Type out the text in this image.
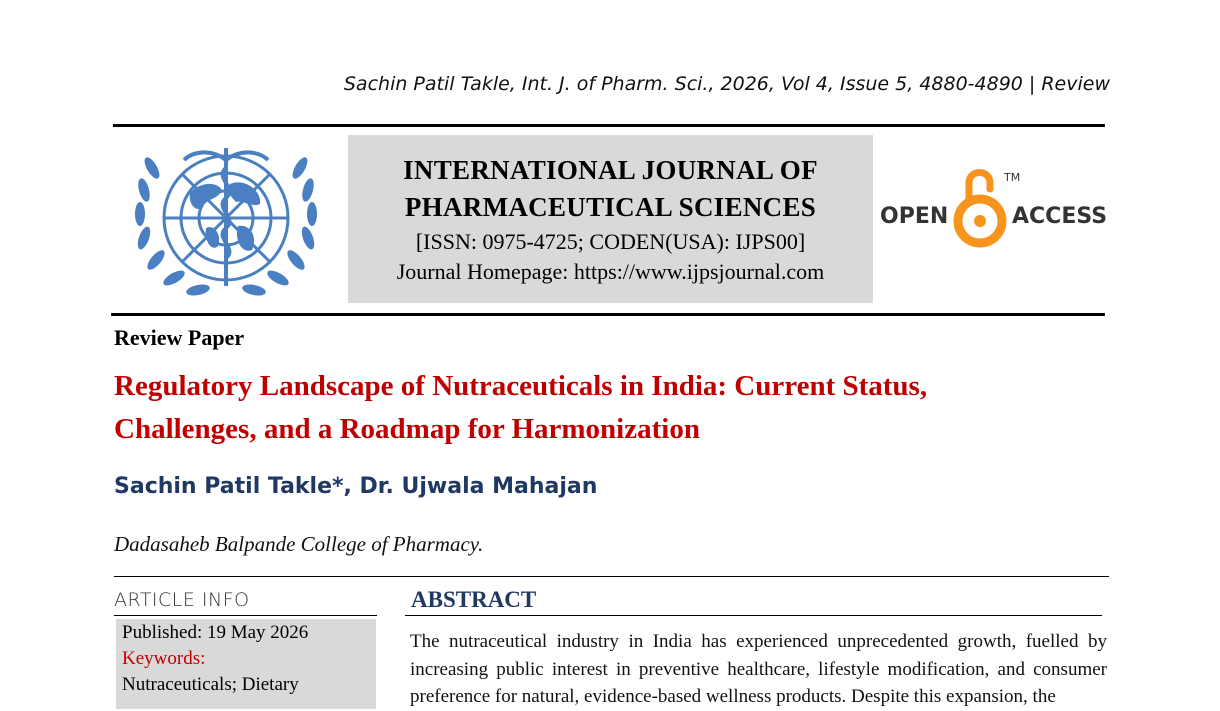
Sachin Patil Takle, Int. J. of Pharm. Sci., 2026, Vol 4, Issue 5, 4880-4890 | Review
INTERNATIONAL JOURNAL OF
PHARMACEUTICAL SCIENCES
[ISSN: 0975-4725; CODEN(USA): IJPS00]
Journal Homepage: https://www.ijpsjournal.com
OPEN
TM
ACCESS
Review Paper
Regulatory Landscape of Nutraceuticals in India: Current Status,
Challenges, and a Roadmap for Harmonization
Sachin Patil Takle*, Dr. Ujwala Mahajan
Dadasaheb Balpande College of Pharmacy.
ARTICLE INFO
Published: 19 May 2026
Keywords:
Nutraceuticals; Dietary
ABSTRACT
The nutraceutical industry in India has experienced unprecedented growth, fuelled by increasing public interest in preventive healthcare, lifestyle modification, and consumer preference for natural, evidence-based wellness products. Despite this expansion, the
